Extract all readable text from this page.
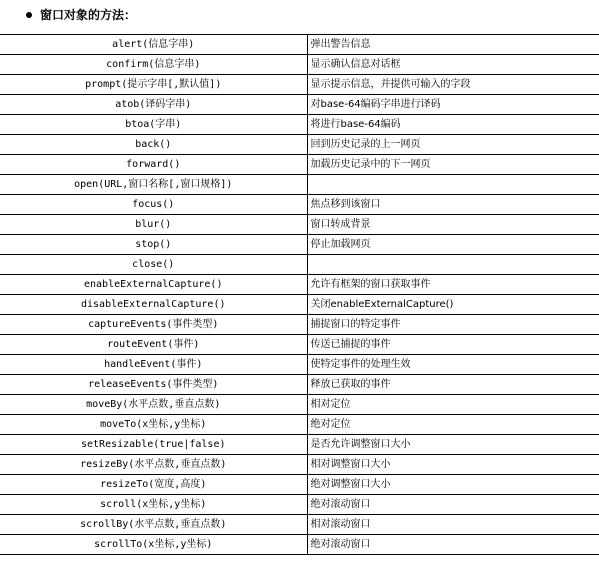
窗口对象的方法：
alert(信息字串)	弹出警告信息
confirm(信息字串)	显示确认信息对话框
prompt(提示字串[,默认值])	显示提示信息，并提供可输入的字段
atob(译码字串)	对base-64编码字串进行译码
btoa(字串)	将进行base-64编码
back()	回到历史记录的上一网页
forward()	加载历史记录中的下一网页
open(URL,窗口名称[,窗口规格])	
focus()	焦点移到该窗口
blur()	窗口转成背景
stop()	停止加载网页
close()	
enableExternalCapture()	允许有框架的窗口获取事件
disableExternalCapture()	关闭enableExternalCapture()
captureEvents(事件类型)	捕捉窗口的特定事件
routeEvent(事件)	传送已捕捉的事件
handleEvent(事件)	使特定事件的处理生效
releaseEvents(事件类型)	释放已获取的事件
moveBy(水平点数,垂直点数)	相对定位
moveTo(x坐标,y坐标)	绝对定位
setResizable(true|false)	是否允许调整窗口大小
resizeBy(水平点数,垂直点数)	相对调整窗口大小
resizeTo(宽度,高度)	绝对调整窗口大小
scroll(x坐标,y坐标)	绝对滚动窗口
scrollBy(水平点数,垂直点数)	相对滚动窗口
scrollTo(x坐标,y坐标)	绝对滚动窗口
